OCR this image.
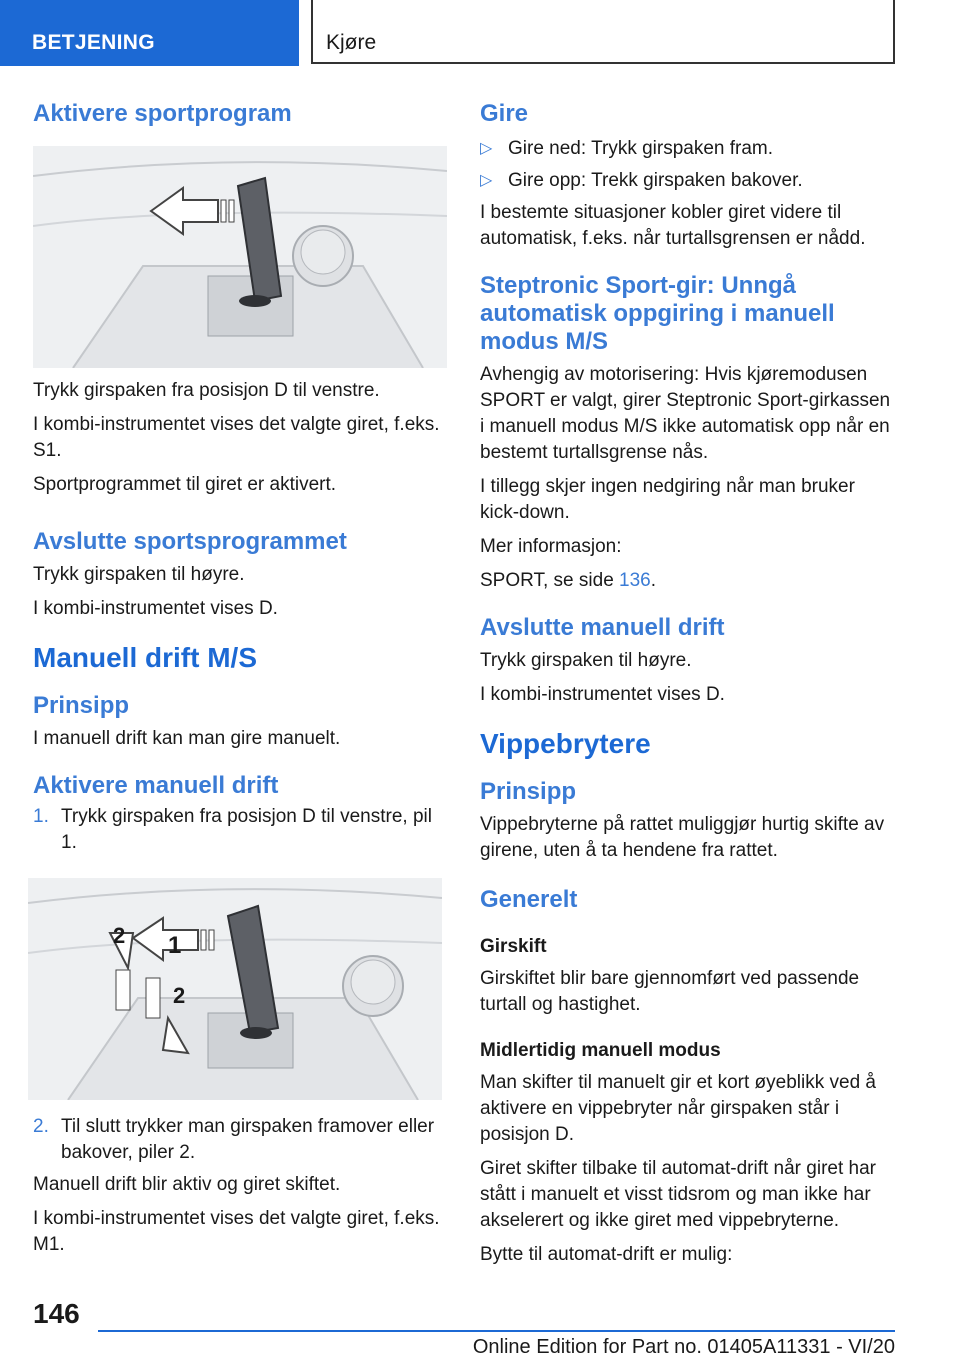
BETJENING	Kjøre
Aktivere sportprogram

Trykk girspaken fra posisjon D til venstre.

I kombi-instrumentet vises det valgte giret, f.eks. S1.

Sportprogrammet til giret er aktivert.

Avslutte sportsprogrammet

Trykk girspaken til høyre.

I kombi-instrumentet vises D.

Manuell drift M/S
Prinsipp

I manuell drift kan man gire manuelt.

Aktivere manuell drift
1. Trykk girspaken fra posisjon D til venstre, pil 1.
1
2
2
2. Til slutt trykker man girspaken framover eller bakover, piler 2.

Manuell drift blir aktiv og giret skiftet.

I kombi-instrumentet vises det valgte giret, f.eks. M1.

Gire
▷ Gire ned: Trykk girspaken fram.
▷ Gire opp: Trekk girspaken bakover.

I bestemte situasjoner kobler giret videre til automatisk, f.eks. når turtallsgrensen er nådd.

Steptronic Sport-gir: Unngå automatisk oppgiring i manuell modus M/S

Avhengig av motorisering: Hvis kjøremodusen SPORT er valgt, girer Steptronic Sport-girkassen i manuell modus M/S ikke automatisk opp når en bestemt turtallsgrense nås.

I tillegg skjer ingen nedgiring når man bruker kick-down.

Mer informasjon:

SPORT, se side 136.

Avslutte manuell drift

Trykk girspaken til høyre.

I kombi-instrumentet vises D.

Vippebrytere
Prinsipp

Vippebryterne på rattet muliggjør hurtig skifte av girene, uten å ta hendene fra rattet.

Generelt
Girskift

Girskiftet blir bare gjennomført ved passende turtall og hastighet.

Midlertidig manuell modus

Man skifter til manuelt gir et kort øyeblikk ved å aktivere en vippebryter når girspaken står i posisjon D.

Giret skifter tilbake til automat-drift når giret har stått i manuelt et visst tidsrom og man ikke har akselerert og ikke giret med vippebryterne.

Bytte til automat-drift er mulig:

146
Online Edition for Part no. 01405A11331 - VI/20
